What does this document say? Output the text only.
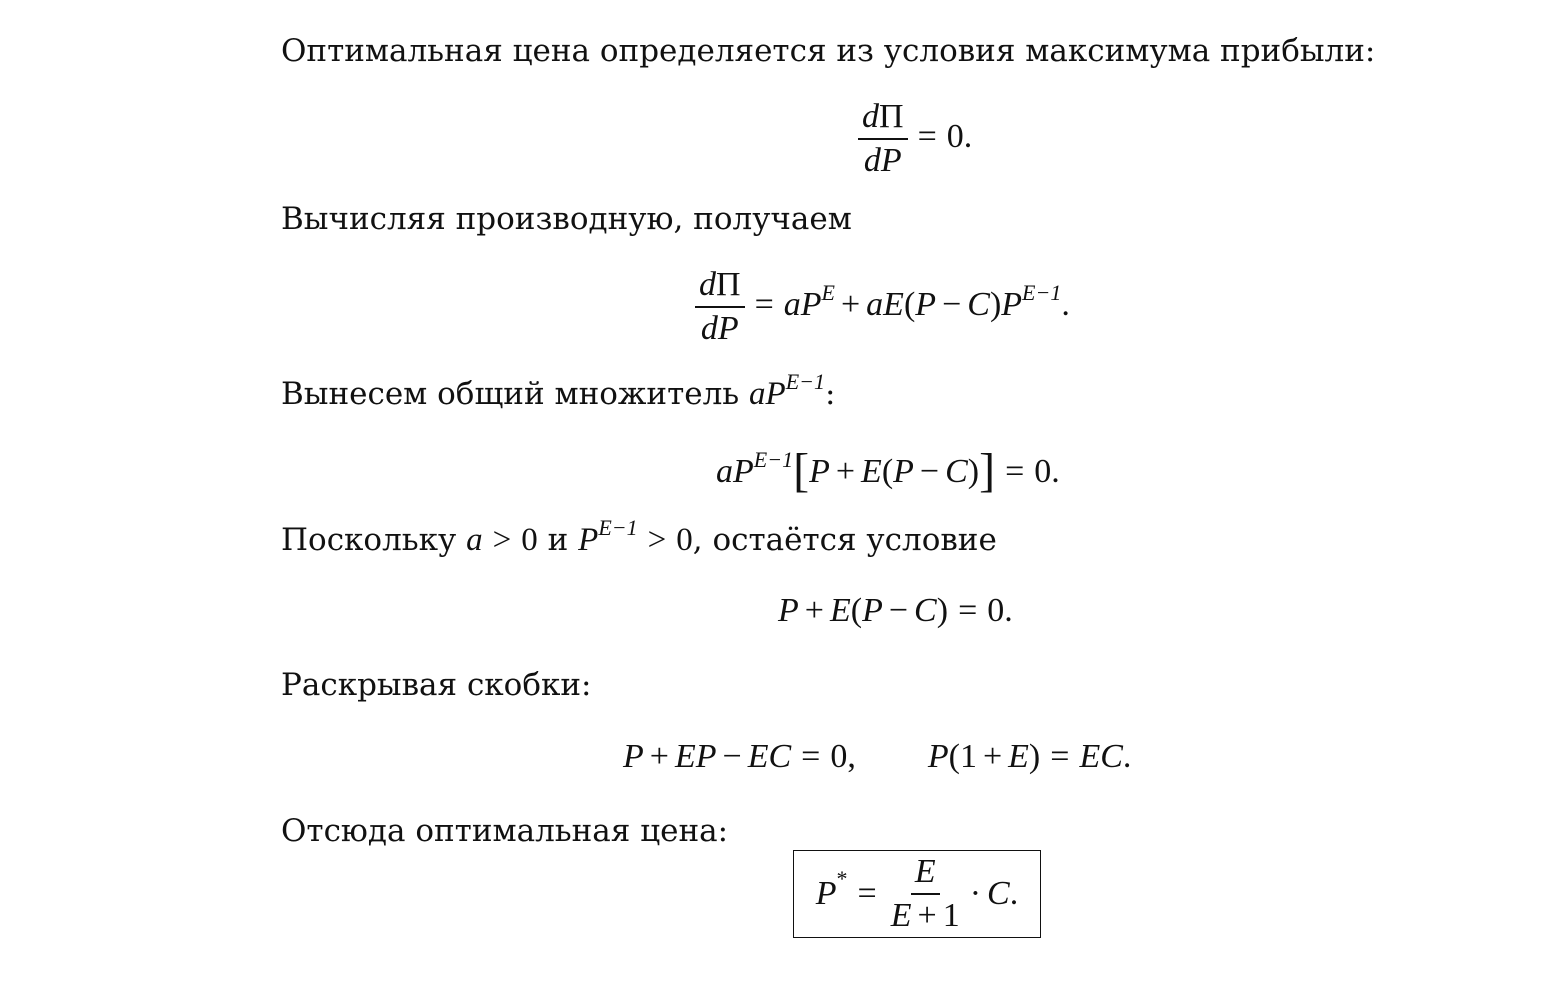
Оптимальная цена определяется из условия максимума прибыли:
$\frac{d\Pi}{dP} = 0$.
Вычисляя производную, получаем
$\frac{d\Pi}{dP} = aP^E + aE(P - C)P^{E-1}$.
Вынесем общий множитель $aP^{E-1}$:
$aP^{E-1}[P + E(P - C)] = 0$.
Поскольку a > 0 и $P^{E-1} > 0$, остаётся условие
P + E(P − C) = 0.
Раскрывая скобки:
P + EP − EC = 0, P(1 + E) = EC.
Отсюда оптимальная цена:
P * = $\frac{E}{E + 1} \cdot C$ .
